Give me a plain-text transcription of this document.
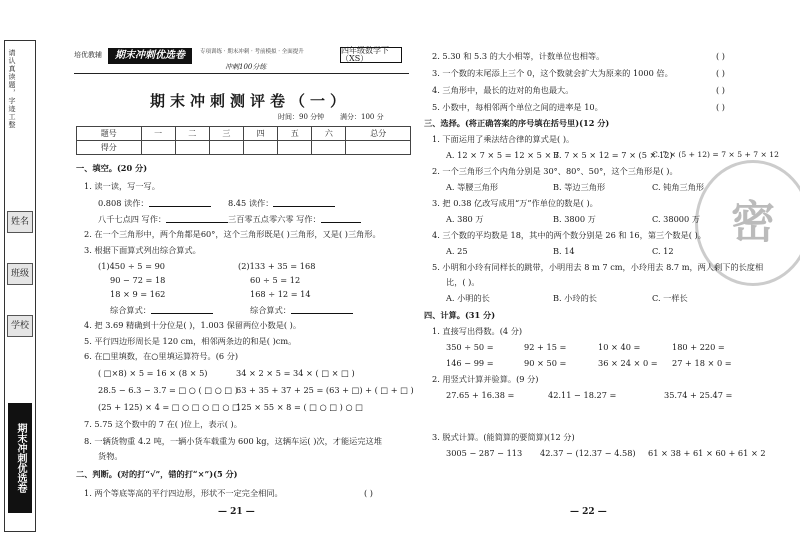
请认真读题，字迹工整
姓名
班级
学校
期末冲刺优选卷
培优教辅	期末冲刺优选卷	专项训练 · 期末冲刺 · 考前模拟 · 全面提升
冲刺100分练
四年级数学下（XS）
期末冲刺测评卷（一）
时间：90 分钟 满分：100 分
题号	一	二	三	四	五	六	总分
得分							
一、填空。(20 分)
1. 读一读，写一写。
0.808 读作：	8.45 读作：
八千七点四 写作：	三百零五点零六零 写作：
2. 在一个三角形中，两个角都是60°，这个三角形既是( )三角形，又是( )三角形。
3. 根据下面算式列出综合算式。
(1)450 ÷ 5 = 90
90 − 72 = 18
18 × 9 = 162
综合算式：
(2)133 + 35 = 168
60 ÷ 5 = 12
168 ÷ 12 = 14
综合算式：
4. 把 3.69 精确到十分位是( )，1.003 保留两位小数是( )。
5. 平行四边形周长是 120 cm，相邻两条边的和是( )cm。
6. 在□里填数，在○里填运算符号。(6 分)
( □×8) × 5 = 16 × (8 × 5)	34 × 2 × 5 = 34 × ( □ × □ )
28.5 − 6.3 − 3.7 = □ ○ ( □ ○ □ )
63 + 35 + 37 + 25 = (63 + □) + ( □ + □ )
(25 + 125) × 4 = □ ○ □ ○ □ ○ □
125 × 55 × 8 = ( □ ○ □ ) ○ □
7. 5.75 这个数中的 7 在( )位上，表示( )。
8. 一辆货物重 4.2 吨，一辆小货车载重为 600 kg，这辆车运( )次，才能运完这堆
货物。
二、判断。(对的打“√”，错的打“×”)(5 分)
1. 两个等底等高的平行四边形，形状不一定完全相同。	( )
— 21 —
密
2. 5.30 和 5.3 的大小相等，计数单位也相等。	( )
3. 一个数的末尾添上三个 0，这个数就会扩大为原来的 1000 倍。	( )
4. 三角形中，最长的边对的角也最大。	( )
5. 小数中，每相邻两个单位之间的进率是 10。	( )
三、选择。(将正确答案的序号填在括号里)(12 分)
1. 下面运用了乘法结合律的算式是( )。
A. 12 × 7 × 5 = 12 × 5 × 7
B. 7 × 5 × 12 = 7 × (5 × 12)
C. 7 × (5 + 12) = 7 × 5 + 7 × 12
2. 一个三角形三个内角分别是 30°、80°、50°，这个三角形是( )。
A. 等腰三角形	B. 等边三角形	C. 钝角三角形
3. 把 0.38 亿改写成用“万”作单位的数是( )。
A. 380 万	B. 3800 万	C. 38000 万
4. 三个数的平均数是 18，其中的两个数分别是 26 和 16，第三个数是( )。
A. 25	B. 14	C. 12
5. 小明和小玲有同样长的跳带，小明用去 8 m 7 cm，小玲用去 8.7 m，两人剩下的长度相
比，( )。
A. 小明的长	B. 小玲的长	C. 一样长
四、计算。(31 分)
1. 直接写出得数。(4 分)
350 ÷ 50 =	92 + 15 =	10 × 40 =	180 + 220 =
146 − 99 =	90 × 50 =	36 × 24 × 0 = 27 + 18 × 0 =
2. 用竖式计算并验算。(9 分)
27.65 + 16.38 =	42.11 − 18.27 =	35.74 + 25.47 =
3. 脱式计算。(能简算的要简算)(12 分)
3005 − 287 − 113 42.37 − (12.37 − 4.58) 61 × 38 + 61 × 60 + 61 × 2
— 22 —
